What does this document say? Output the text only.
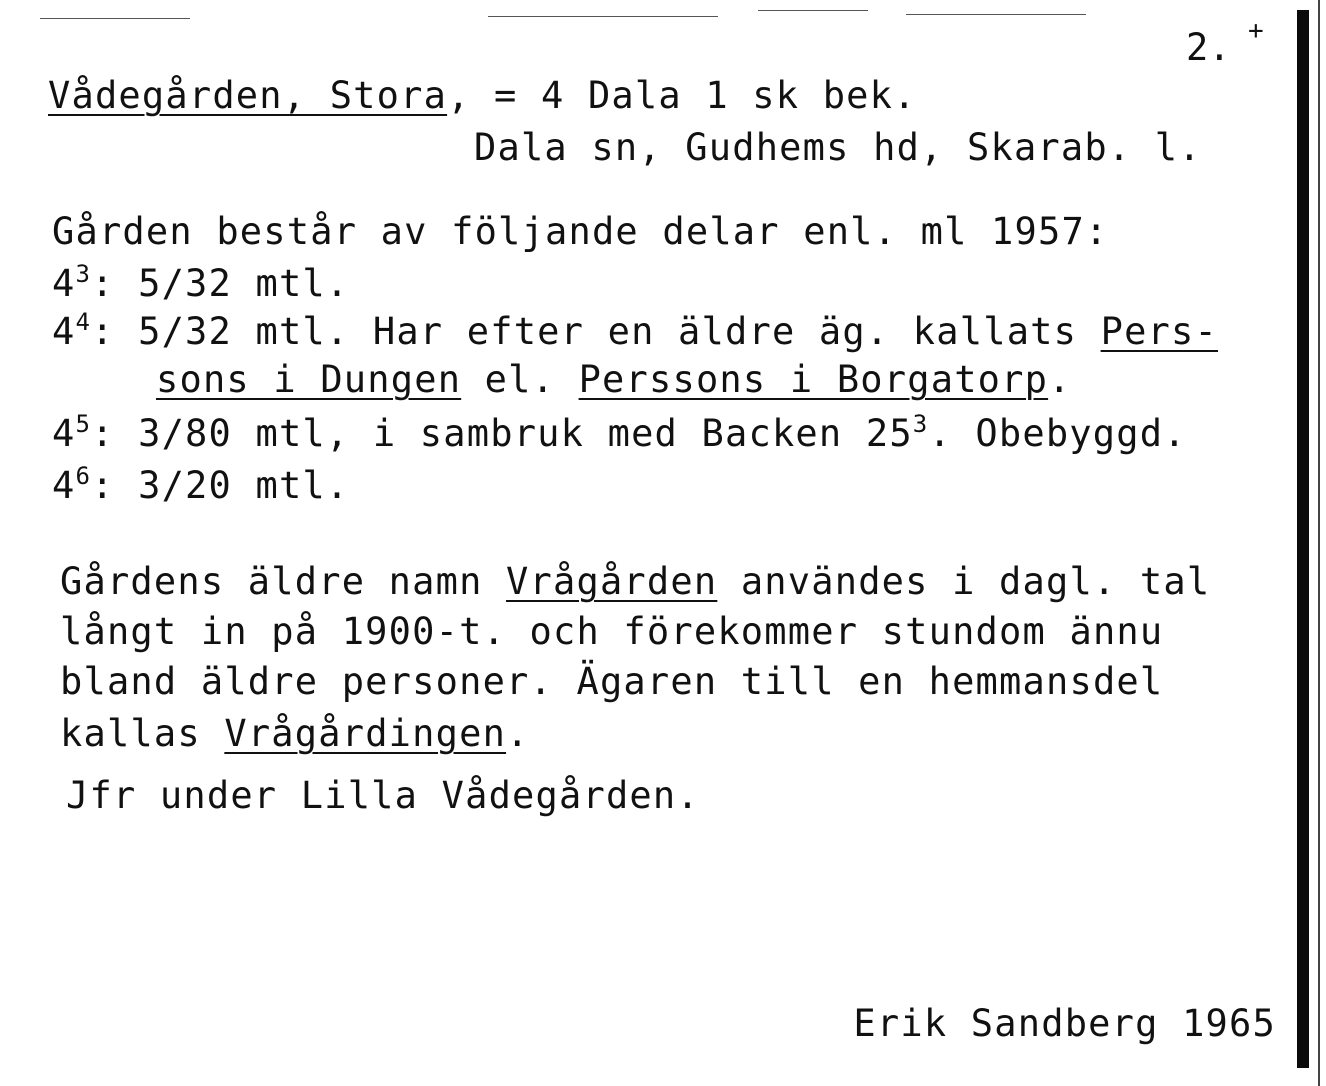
2. +
Vådegården, Stora, = 4 Dala 1 sk bek.
Dala sn, Gudhems hd, Skarab. l.
Gården består av följande delar enl. ml 1957:
$4^3$: 5/32 mtl.
$4^4$: 5/32 mtl. Har efter en äldre äg. kallats Pers-
sons i Dungen el. Perssons i Borgatorp.
$4^5$: 3/80 mtl, i sambruk med Backen $25^3$. Obebyggd.
$4^6$: 3/20 mtl.
Gårdens äldre namn Vrågården användes i dagl. tal
långt in på 1900-t. och förekommer stundom ännu
bland äldre personer. Ägaren till en hemmansdel
kallas Vrågårdingen.
Jfr under Lilla Vådegården.
Erik Sandberg 1965
